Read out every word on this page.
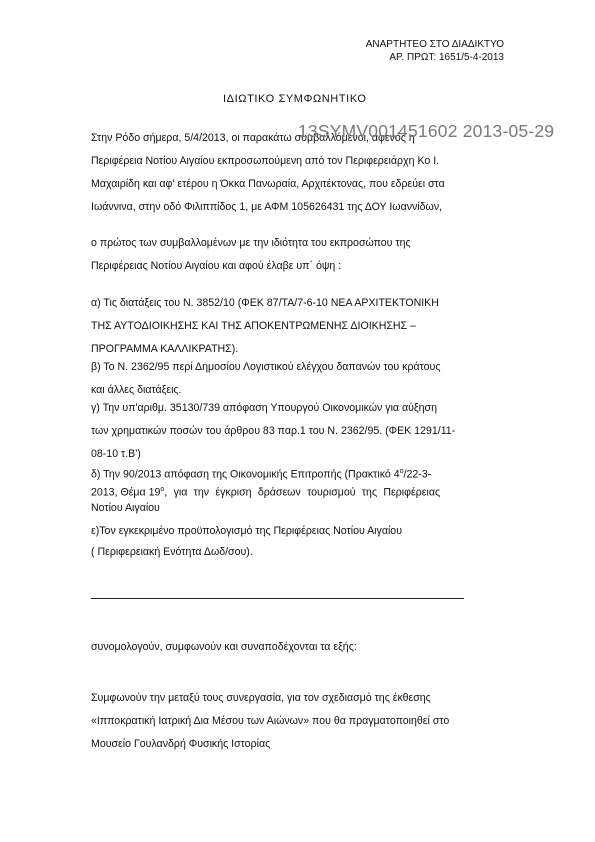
ΑΝΑΡΤΗΤΕΟ ΣΤΟ ΔΙΑΔΙΚΤΥΟ
ΑΡ. ΠΡΩΤ: 1651/5-4-2013
ΙΔΙΩΤΙΚΟ ΣΥΜΦΩΝΗΤΙΚΟ
Στην Ρόδο σήμερα, 5/4/2013, οι παρακάτω συμβαλλόμενοι, αφενός η
13SYMV001451602 2013-05-29
Περιφέρεια Νοτίου Αιγαίου εκπροσωπούμενη από τον Περιφερειάρχη Κο Ι.
Μαχαιρίδη και αφ' ετέρου η Όκκα Πανωραία, Αρχιτέκτονας, που εδρεύει στα
Ιωάννινα, στην οδό Φιλιππίδος 1, με ΑΦΜ 105626431 της ΔΟΥ Ιωαννίδων,
ο πρώτος των συμβαλλομένων με την ιδιότητα του εκπροσώπου της
Περιφέρειας Νοτίου Αιγαίου και αφού έλαβε υπ΄ όψη :
α) Τις διατάξεις του Ν. 3852/10 (ΦΕΚ 87/ΤΑ/7-6-10 ΝΕΑ ΑΡΧΙΤΕΚΤΟΝΙΚΗ
ΤΗΣ ΑΥΤΟΔΙΟΙΚΗΣΗΣ ΚΑΙ ΤΗΣ ΑΠΟΚΕΝΤΡΩΜΕΝΗΣ ΔΙΟΙΚΗΣΗΣ –
ΠΡΟΓΡΑΜΜΑ ΚΑΛΛΙΚΡΑΤΗΣ).
β) Το Ν. 2362/95 περί Δημοσίου Λογιστικού ελέγχου δαπανών του κράτους
και άλλες διατάξεις.
γ) Την υπ'αριθμ. 35130/739 απόφαση Υπουργού Οικονομικών για αύξηση
των χρηματικών ποσών του άρθρου 83 παρ.1 του Ν. 2362/95. (ΦΕΚ 1291/11-
08-10 τ.Β')
δ) Την 90/2013 απόφαση της Οικονομικής Επιτροπής (Πρακτικό $4^o/22-3-$
2013, Θέμα $19^o$, για την έγκριση δράσεων τουρισμού της Περιφέρειας
Νοτίου Αιγαίου
ε)Τον εγκεκριμένο προϋπολογισμό της Περιφέρειας Νοτίου Αιγαίου
( Περιφερειακή Ενότητα Δωδ/σου).
συνομολογούν, συμφωνούν και συναποδέχονται τα εξής:
Συμφωνούν την μεταξύ τους συνεργασία, για τον σχεδιασμό της έκθεσης
«Ιπποκρατική Ιατρική Δια Μέσου των Αιώνων» που θα πραγματοποιηθεί στο
Μουσείο Γουλανδρή Φυσικής Ιστορίας
